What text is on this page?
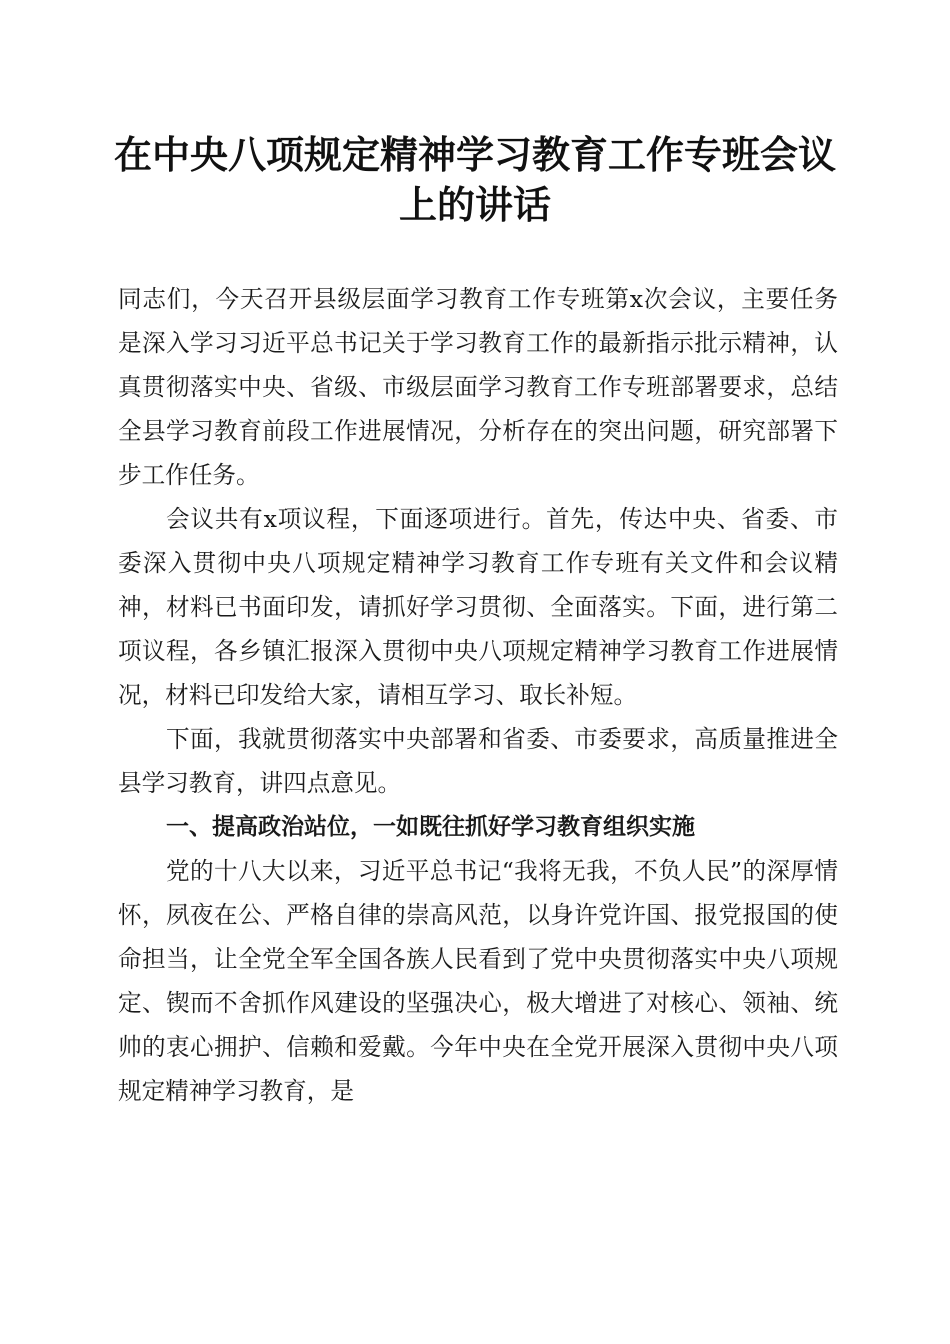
在中央八项规定精神学习教育工作专班会议上的讲话

同志们，今天召开县级层面学习教育工作专班第x次会议，主要任务是深入学习习近平总书记关于学习教育工作的最新指示批示精神，认真贯彻落实中央、省级、市级层面学习教育工作专班部署要求，总结全县学习教育前段工作进展情况，分析存在的突出问题，研究部署下步工作任务。

会议共有x项议程，下面逐项进行。首先，传达中央、省委、市委深入贯彻中央八项规定精神学习教育工作专班有关文件和会议精神，材料已书面印发，请抓好学习贯彻、全面落实。下面，进行第二项议程，各乡镇汇报深入贯彻中央八项规定精神学习教育工作进展情况，材料已印发给大家，请相互学习、取长补短。

下面，我就贯彻落实中央部署和省委、市委要求，高质量推进全县学习教育，讲四点意见。

一、提高政治站位，一如既往抓好学习教育组织实施

党的十八大以来，习近平总书记“我将无我，不负人民”的深厚情怀，夙夜在公、严格自律的崇高风范，以身许党许国、报党报国的使命担当，让全党全军全国各族人民看到了党中央贯彻落实中央八项规定、锲而不舍抓作风建设的坚强决心，极大增进了对核心、领袖、统帅的衷心拥护、信赖和爱戴。今年中央在全党开展深入贯彻中央八项规定精神学习教育，是
